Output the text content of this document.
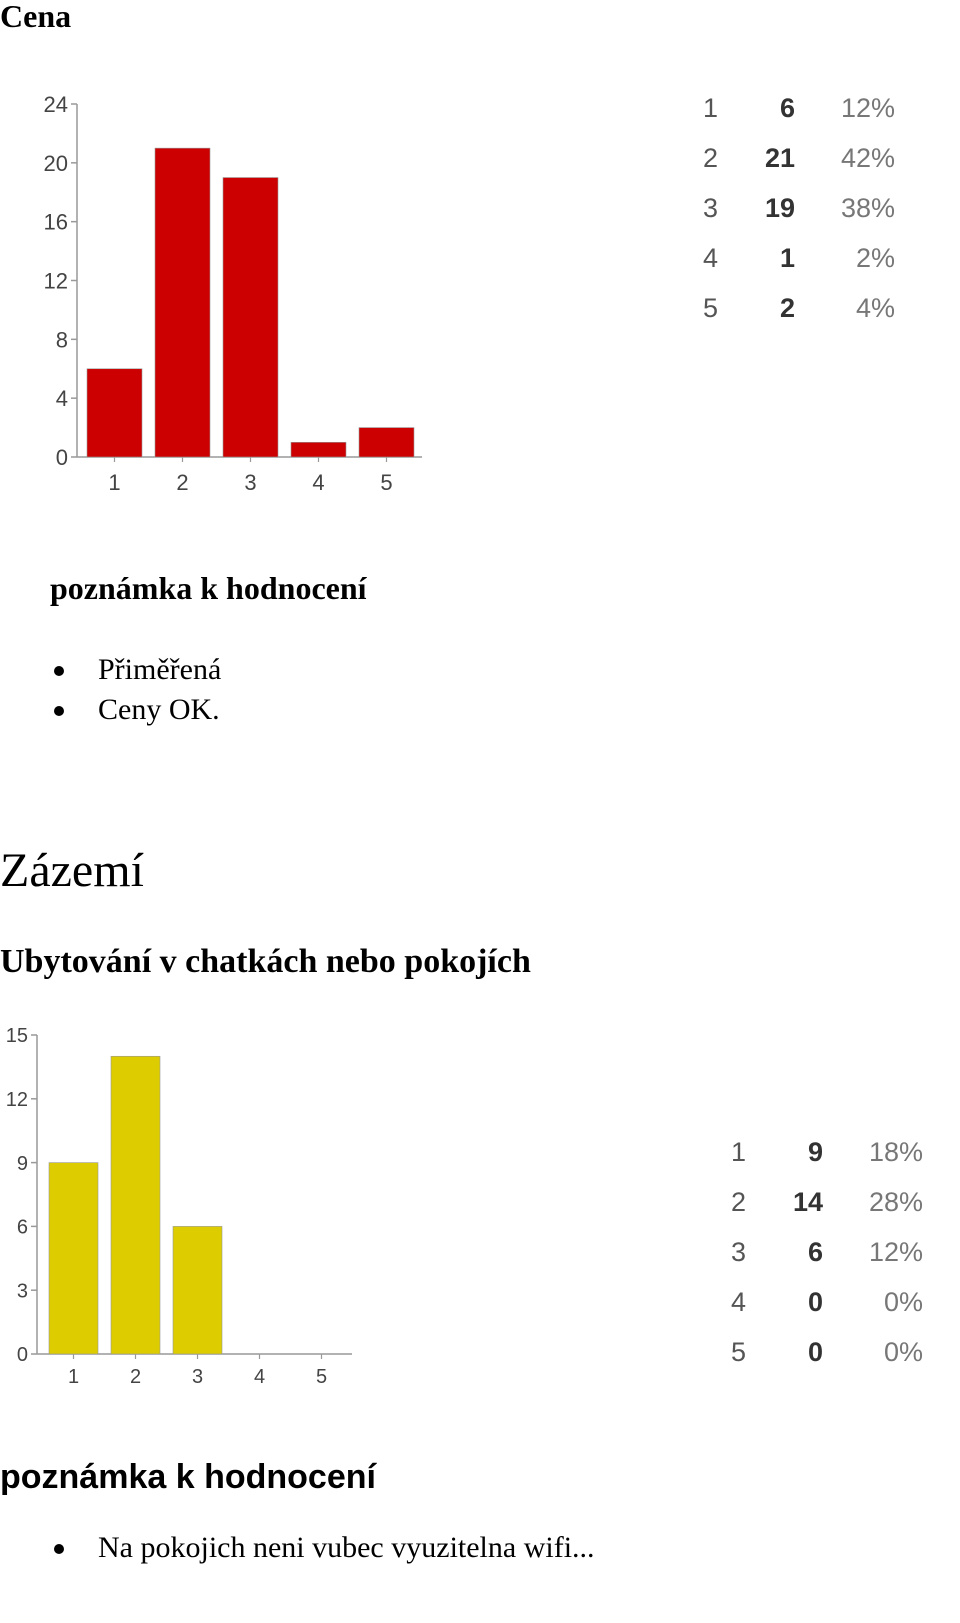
Cena
0
4
8
12
16
20
24
1	2	3	4	5
1	6	12%
2	21	42%
3	19	38%
4	1	2%
5	2	4%
poznámka k hodnocení
Přiměřená
Ceny OK.
Zázemí
Ubytování v chatkách nebo pokojích
0
3
6
9
12
15
1	2	3	4	5
1	9	18%
2	14	28%
3	6	12%
4	0	0%
5	0	0%
poznámka k hodnocení
Na pokojich neni vubec vyuzitelna wifi...
